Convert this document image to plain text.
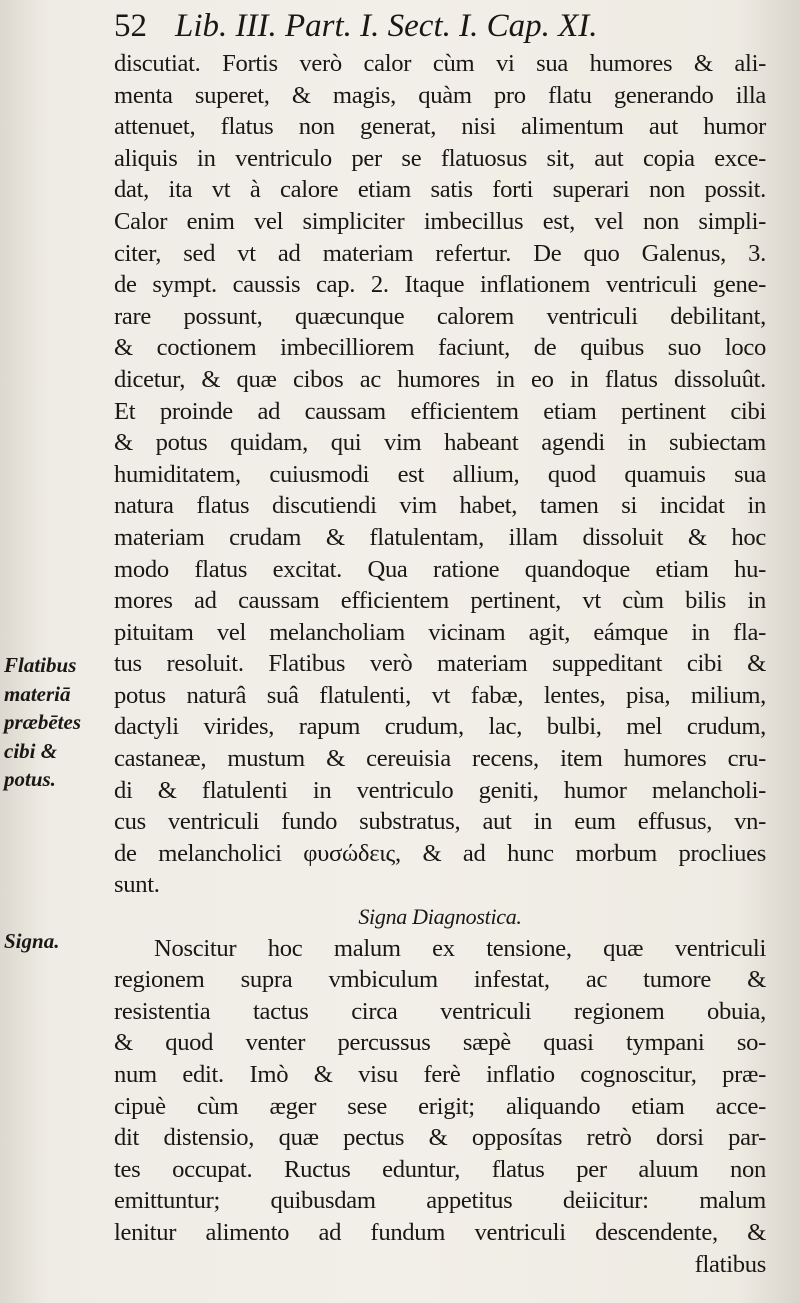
52 Lib. III. Part. I. Sect. I. Cap. XI.
Flatibus
materiā
præbētes
cibi &
potus.
Signa.
discutiat. Fortis verò calor cùm vi sua humores & ali-
menta superet, & magis, quàm pro flatu generando illa
attenuet, flatus non generat, nisi alimentum aut humor
aliquis in ventriculo per se flatuosus sit, aut copia exce-
dat, ita vt à calore etiam satis forti superari non possit.
Calor enim vel simpliciter imbecillus est, vel non simpli-
citer, sed vt ad materiam refertur. De quo Galenus, 3.
de sympt. caussis cap. 2. Itaque inflationem ventriculi gene-
rare possunt, quæcunque calorem ventriculi debilitant,
& coctionem imbecilliorem faciunt, de quibus suo loco
dicetur, & quæ cibos ac humores in eo in flatus dissoluût.
Et proinde ad caussam efficientem etiam pertinent cibi
& potus quidam, qui vim habeant agendi in subiectam
humiditatem, cuiusmodi est allium, quod quamuis sua
natura flatus discutiendi vim habet, tamen si incidat in
materiam crudam & flatulentam, illam dissoluit & hoc
modo flatus excitat. Qua ratione quandoque etiam hu-
mores ad caussam efficientem pertinent, vt cùm bilis in
pituitam vel melancholiam vicinam agit, eámque in fla-
tus resoluit. Flatibus verò materiam suppeditant cibi &
potus naturâ suâ flatulenti, vt fabæ, lentes, pisa, milium,
dactyli virides, rapum crudum, lac, bulbi, mel crudum,
castaneæ, mustum & cereuisia recens, item humores cru-
di & flatulenti in ventriculo geniti, humor melancholi-
cus ventriculi fundo substratus, aut in eum effusus, vn-
de melancholici φυσώδεις, & ad hunc morbum procliues
sunt.
Signa Diagnostica.
Noscitur hoc malum ex tensione, quæ ventriculi
regionem supra vmbiculum infestat, ac tumore &
resistentia tactus circa ventriculi regionem obuia,
& quod venter percussus sæpè quasi tympani so-
num edit. Imò & visu ferè inflatio cognoscitur, præ-
cipuè cùm æger sese erigit; aliquando etiam acce-
dit distensio, quæ pectus & opposítas retrò dorsi par-
tes occupat. Ructus eduntur, flatus per aluum non
emittuntur; quibusdam appetitus deiicitur: malum
lenitur alimento ad fundum ventriculi descendente, &
flatibus
